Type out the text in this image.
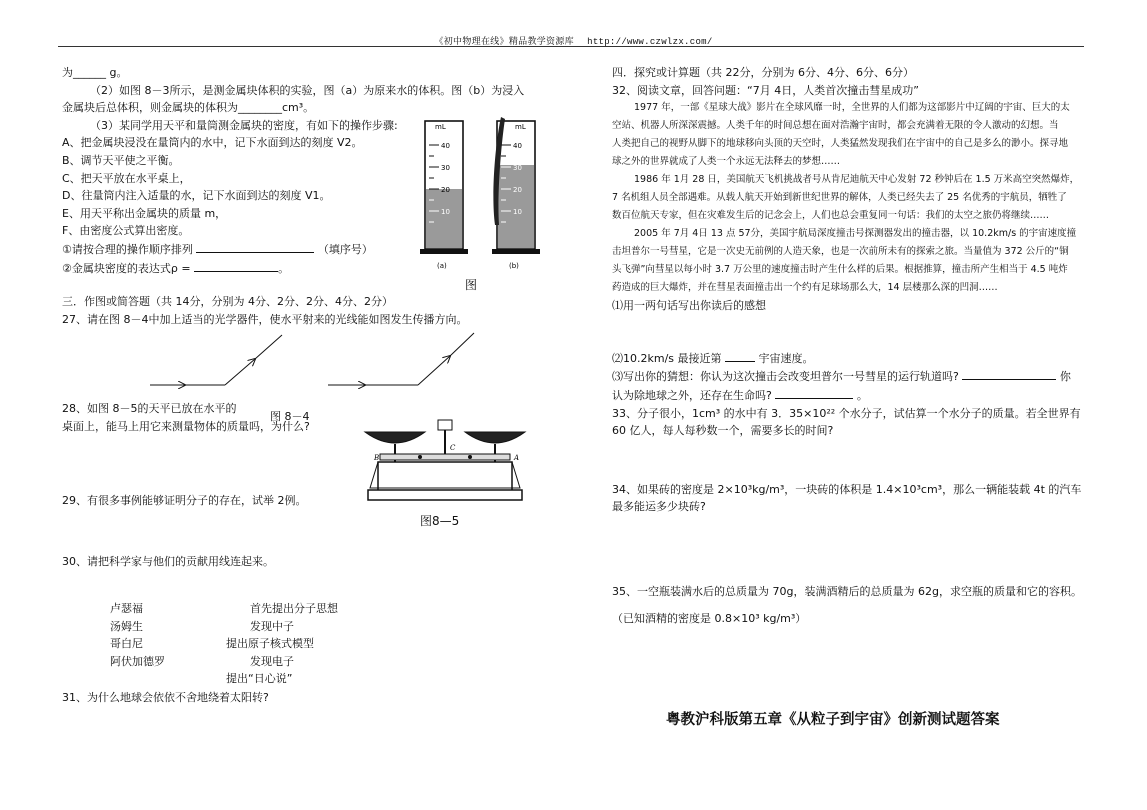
《初中物理在线》精品教学资源库 http://www.czwlzx.com/
为______ g。
（2）如图 8－3所示，是测金属块体积的实验，图（a）为原来水的体积。图（b）为浸入
金属块后总体积，则金属块的体积为________cm³。
（3）某同学用天平和量筒测金属块的密度，有如下的操作步骤:
A、把金属块浸没在量筒内的水中，记下水面到达的刻度 V2。
B、调节天平使之平衡。
C、把天平放在水平桌上，
D、往量筒内注入适量的水，记下水面到达的刻度 V1。
E、用天平称出金属块的质量 m，
F、由密度公式算出密度。
①请按合理的操作顺序排列	（填序号）
②金属块密度的表达式ρ =	。
三．作图或简答题（共 14分，分别为 4分、2分、2分、4分、2分）
27、请在图 8－4中加上适当的光学器件，使水平射来的光线能如图发生传播方向。
28、如图 8－5的天平已放在水平的
桌面上，能马上用它来测量物体的质量吗，为什么?
29、有很多事例能够证明分子的存在，试举 2例。
30、请把科学家与他们的贡献用线连起来。
卢瑟福
汤姆生
哥白尼
阿伏加德罗
首先提出分子思想
发现中子
提出原子核式模型
发现电子
提出“日心说”
31、为什么地球会依依不舍地绕着太阳转?
mL
40
30
20
10
(a)
mL
40
30
20
10
(b)
图
图 8－4
B	A
C
图8—5
四．探究或计算题（共 22分，分别为 6分、4分、6分、6分）
32、阅读文章，回答问题：“7月 4日，人类首次撞击彗星成功”
1977 年，一部《星球大战》影片在全球风靡一时，全世界的人们都为这部影片中辽阔的宇宙、巨大的太
空站、机器人所深深震撼。人类千年的时间总想在面对浩瀚宇宙时，都会充满着无限的令人激动的幻想。当
人类把自己的视野从脚下的地球移向头顶的天空时，人类猛然发现我们在宇宙中的自己是多么的渺小。探寻地
球之外的世界就成了人类一个永远无法释去的梦想……
1986 年 1月 28 日，美国航天飞机挑战者号从肯尼迪航天中心发射 72 秒钟后在 1.5 万米高空突然爆炸，
7 名机组人员全部遇难。从载人航天开始到新世纪世界的解体，人类已经失去了 25 名优秀的宇航员，牺牲了
数百位航天专家，但在灾难发生后的记念会上，人们也总会重复同一句话：我们的太空之旅仍将继续……
2005 年 7月 4日 13 点 57分，美国宇航局深度撞击号探测器发出的撞击器，以 10.2km/s 的宇宙速度撞
击坦普尔一号彗星，它是一次史无前例的人造天象，也是一次前所未有的探索之旅。当量值为 372 公斤的“铜
头飞弹”向彗星以每小时 3.7 万公里的速度撞击时产生什么样的后果。根据推算，撞击所产生相当于 4.5 吨炸
药造成的巨大爆炸，并在彗星表面撞击出一个约有足球场那么大，14 层楼那么深的凹洞……
⑴用一两句话写出你读后的感想
⑵10.2km/s 最接近第	宇宙速度。
⑶写出你的猜想：你认为这次撞击会改变坦普尔一号彗星的运行轨道吗?	你
认为除地球之外，还存在生命吗?	。
33、分子很小，1cm³ 的水中有 3．35×10²² 个水分子，试估算一个水分子的质量。若全世界有
60 亿人，每人每秒数一个，需要多长的时间?
34、如果砖的密度是 2×10³kg/m³，一块砖的体积是 1.4×10³cm³，那么一辆能装载 4t 的汽车
最多能运多少块砖?
35、一空瓶装满水后的总质量为 70g，装满酒精后的总质量为 62g，求空瓶的质量和它的容积。
（已知酒精的密度是 0.8×10³ kg/m³）
粤教沪科版第五章《从粒子到宇宙》创新测试题答案
